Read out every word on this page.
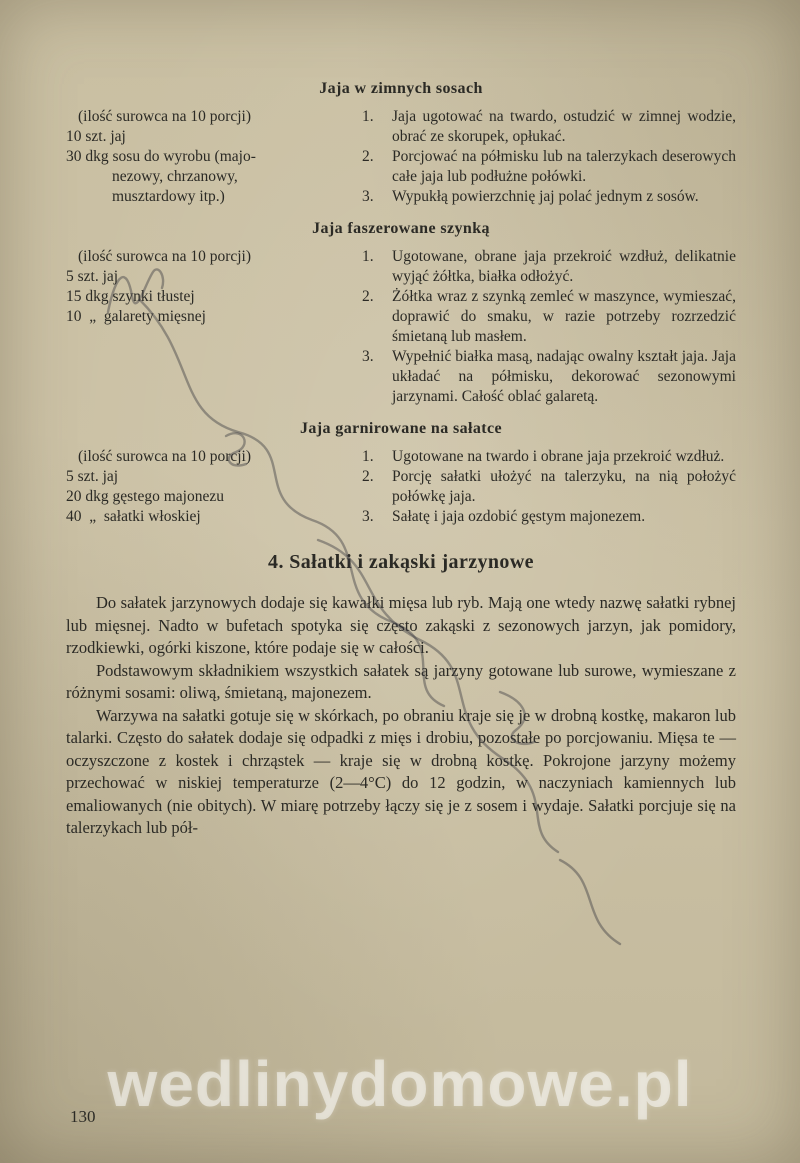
Jaja w zimnych sosach
(ilość surowca na 10 porcji)
10 szt. jaj
30 dkg sosu do wyrobu (majo-
nezowy, chrzanowy,
musztardowy itp.)
1.	Jaja ugotować na twardo, ostudzić w zimnej wodzie, obrać ze skorupek, opłukać.
2.	Porcjować na półmisku lub na talerzykach deserowych całe jaja lub podłużne połówki.
3.	Wypukłą powierzchnię jaj polać jednym z sosów.
Jaja faszerowane szynką
(ilość surowca na 10 porcji)
5 szt. jaj
15 dkg szynki tłustej
10  „  galarety mięsnej
1.	Ugotowane, obrane jaja przekroić wzdłuż, delikatnie wyjąć żółtka, białka odłożyć.
2.	Żółtka wraz z szynką zemleć w maszynce, wymieszać, doprawić do smaku, w razie potrzeby rozrzedzić śmietaną lub masłem.
3.	Wypełnić białka masą, nadając owalny kształt jaja. Jaja układać na półmisku, dekorować sezonowymi jarzynami. Całość oblać galaretą.
Jaja garnirowane na sałatce
(ilość surowca na 10 porcji)
5 szt. jaj
20 dkg gęstego majonezu
40  „  sałatki włoskiej
1.	Ugotowane na twardo i obrane jaja przekroić wzdłuż.
2.	Porcję sałatki ułożyć na talerzyku, na nią położyć połówkę jaja.
3.	Sałatę i jaja ozdobić gęstym majonezem.
4. Sałatki i zakąski jarzynowe

Do sałatek jarzynowych dodaje się kawałki mięsa lub ryb. Mają one wtedy nazwę sałatki rybnej lub mięsnej. Nadto w bufetach spotyka się często zakąski z sezonowych jarzyn, jak pomidory, rzodkiewki, ogórki kiszone, które podaje się w całości.

Podstawowym składnikiem wszystkich sałatek są jarzyny gotowane lub surowe, wymieszane z różnymi sosami: oliwą, śmietaną, majonezem.

Warzywa na sałatki gotuje się w skórkach, po obraniu kraje się je w drobną kostkę, makaron lub talarki. Często do sałatek dodaje się odpadki z mięs i drobiu, pozostałe po porcjowaniu. Mięsa te — oczyszczone z kostek i chrząstek — kraje się w drobną kostkę. Pokrojone jarzyny możemy przechować w niskiej temperaturze (2—4°C) do 12 godzin, w naczyniach kamiennych lub emaliowanych (nie obitych). W miarę potrzeby łączy się je z sosem i wydaje. Sałatki porcjuje się na talerzykach lub pół-

wedlinydomowe.pl
130
